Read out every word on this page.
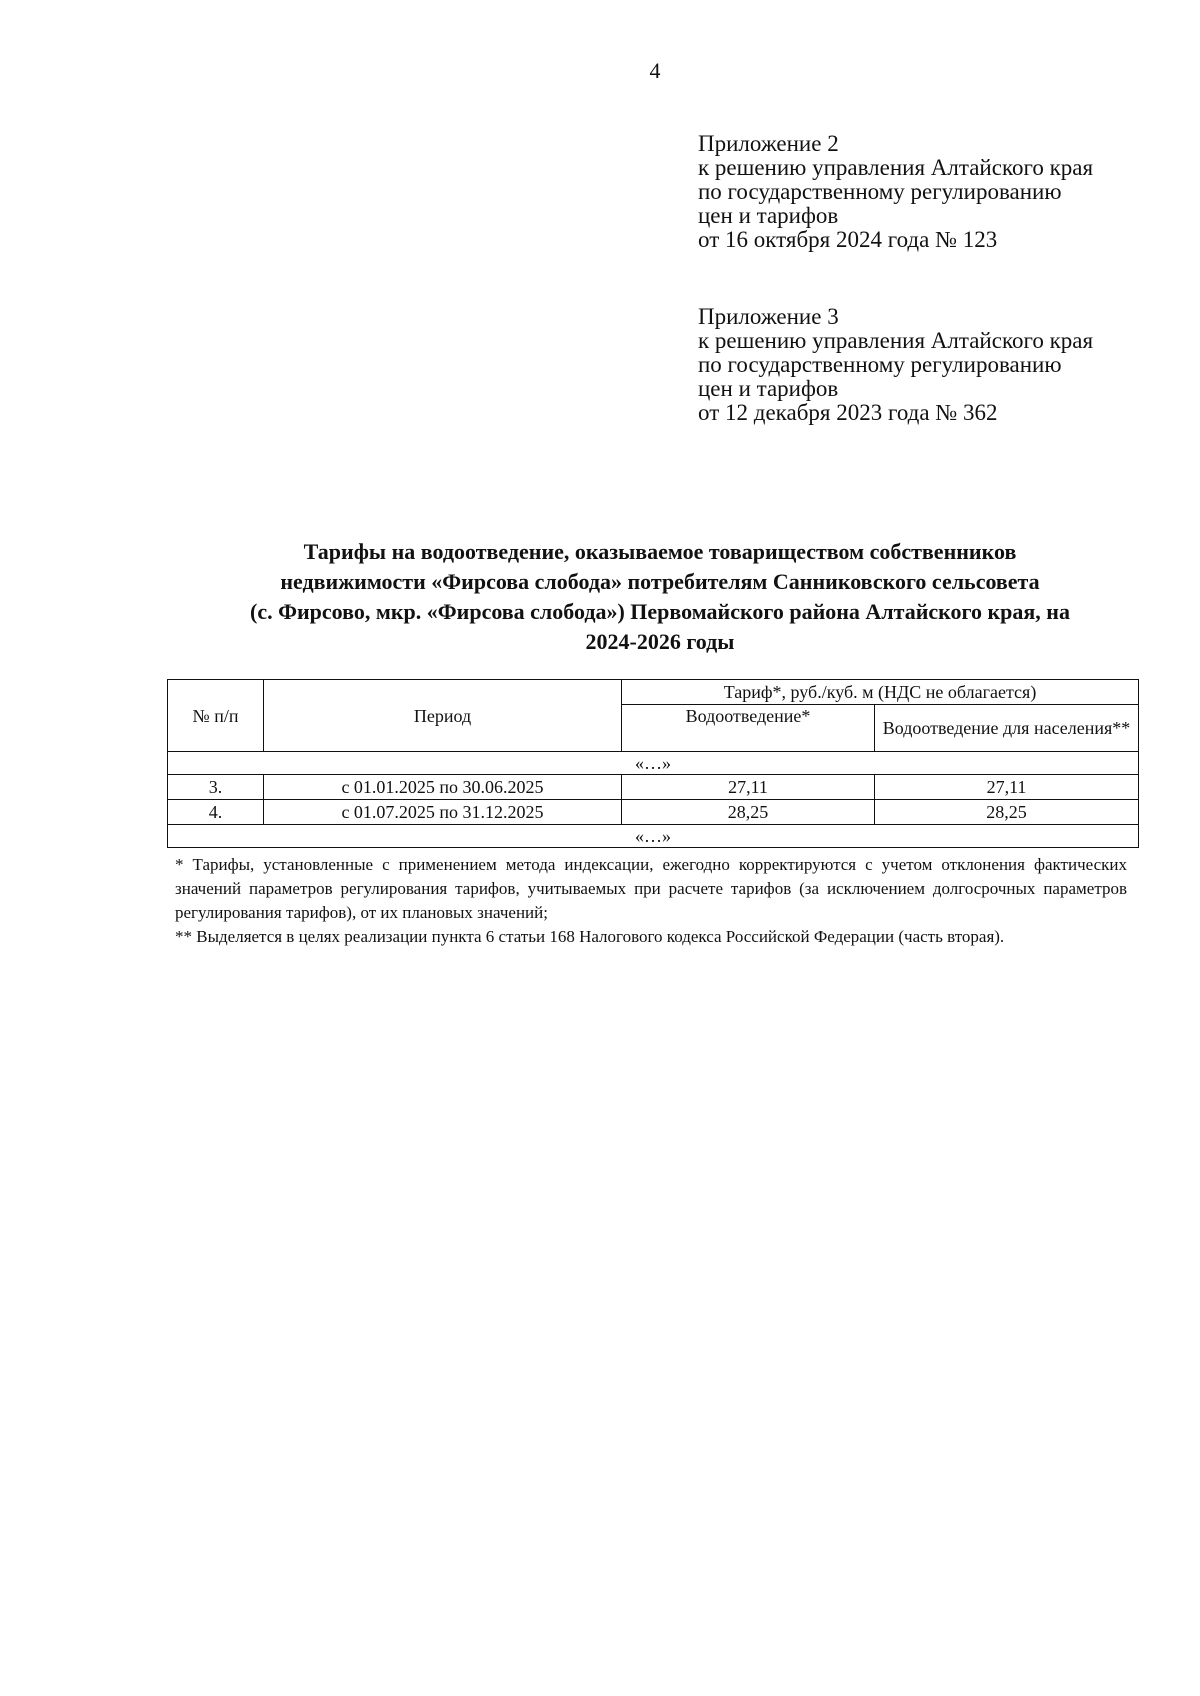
4
Приложение 2
к решению управления Алтайского края
по государственному регулированию
цен и тарифов
от 16 октября 2024 года № 123
Приложение 3
к решению управления Алтайского края
по государственному регулированию
цен и тарифов
от 12 декабря 2023 года № 362
Тарифы на водоотведение, оказываемое товариществом собственников
недвижимости «Фирсова слобода» потребителям Санниковского сельсовета
(с. Фирсово, мкр. «Фирсова слобода») Первомайского района Алтайского края, на
2024-2026 годы
№ п/п	Период	Тариф*, руб./куб. м (НДС не облагается)	
		Водоотведение*	Водоотведение для населения**
«…»			
3.	с 01.01.2025 по 30.06.2025	27,11	27,11
4.	с 01.07.2025 по 31.12.2025	28,25	28,25
«…»			

* Тарифы, установленные с применением метода индексации, ежегодно корректируются с учетом отклонения фактических значений параметров регулирования тарифов, учитываемых при расчете тарифов (за исключением долгосрочных параметров регулирования тарифов), от их плановых значений;

** Выделяется в целях реализации пункта 6 статьи 168 Налогового кодекса Российской Федерации (часть вторая).
